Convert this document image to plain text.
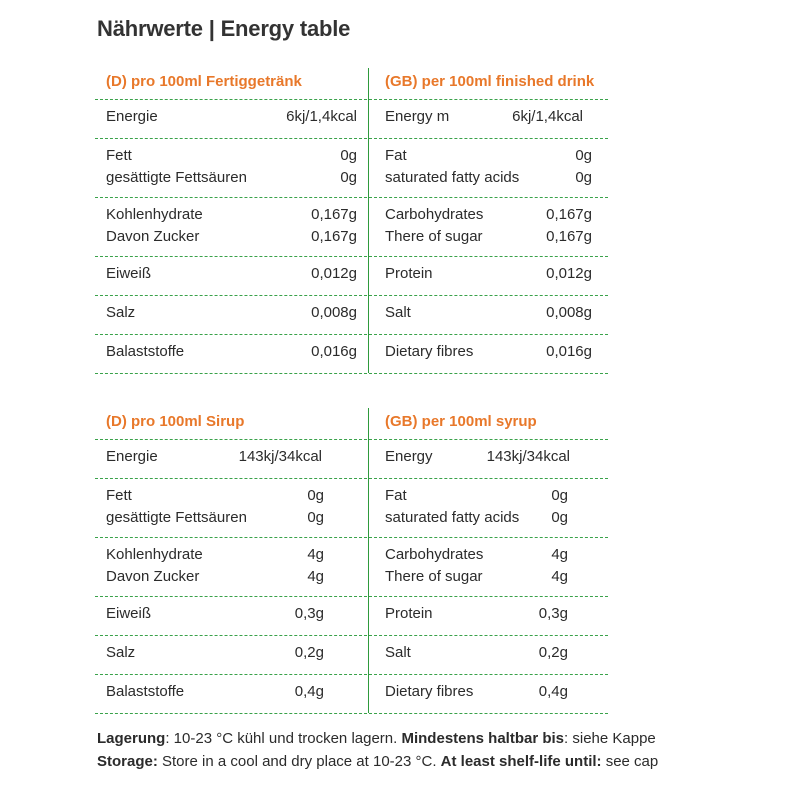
Nährwerte | Energy table
(D) pro 100ml Fertiggetränk
Energie	6kj/1,4kcal
Fett	0g
gesättigte Fettsäuren	0g
Kohlenhydrate	0,167g
Davon Zucker	0,167g
Eiweiß	0,012g
Salz	0,008g
Balaststoffe	0,016g
(GB) per 100ml finished drink
Energy m	6kj/1,4kcal
Fat	0g
saturated fatty acids	0g
Carbohydrates	0,167g
There of sugar	0,167g
Protein	0,012g
Salt	0,008g
Dietary fibres	0,016g
(D) pro 100ml Sirup
Energie	143kj/34kcal
Fett	0g
gesättigte Fettsäuren	0g
Kohlenhydrate	4g
Davon Zucker	4g
Eiweiß	0,3g
Salz	0,2g
Balaststoffe	0,4g
(GB) per 100ml syrup
Energy	143kj/34kcal
Fat	0g
saturated fatty acids 0g
Carbohydrates	4g
There of sugar	4g
Protein	0,3g
Salt	0,2g
Dietary fibres	0,4g
Lagerung: 10-23 °C kühl und trocken lagern. Mindestens haltbar bis: siehe Kappe
Storage: Store in a cool and dry place at 10-23 °C. At least shelf-life until: see cap
